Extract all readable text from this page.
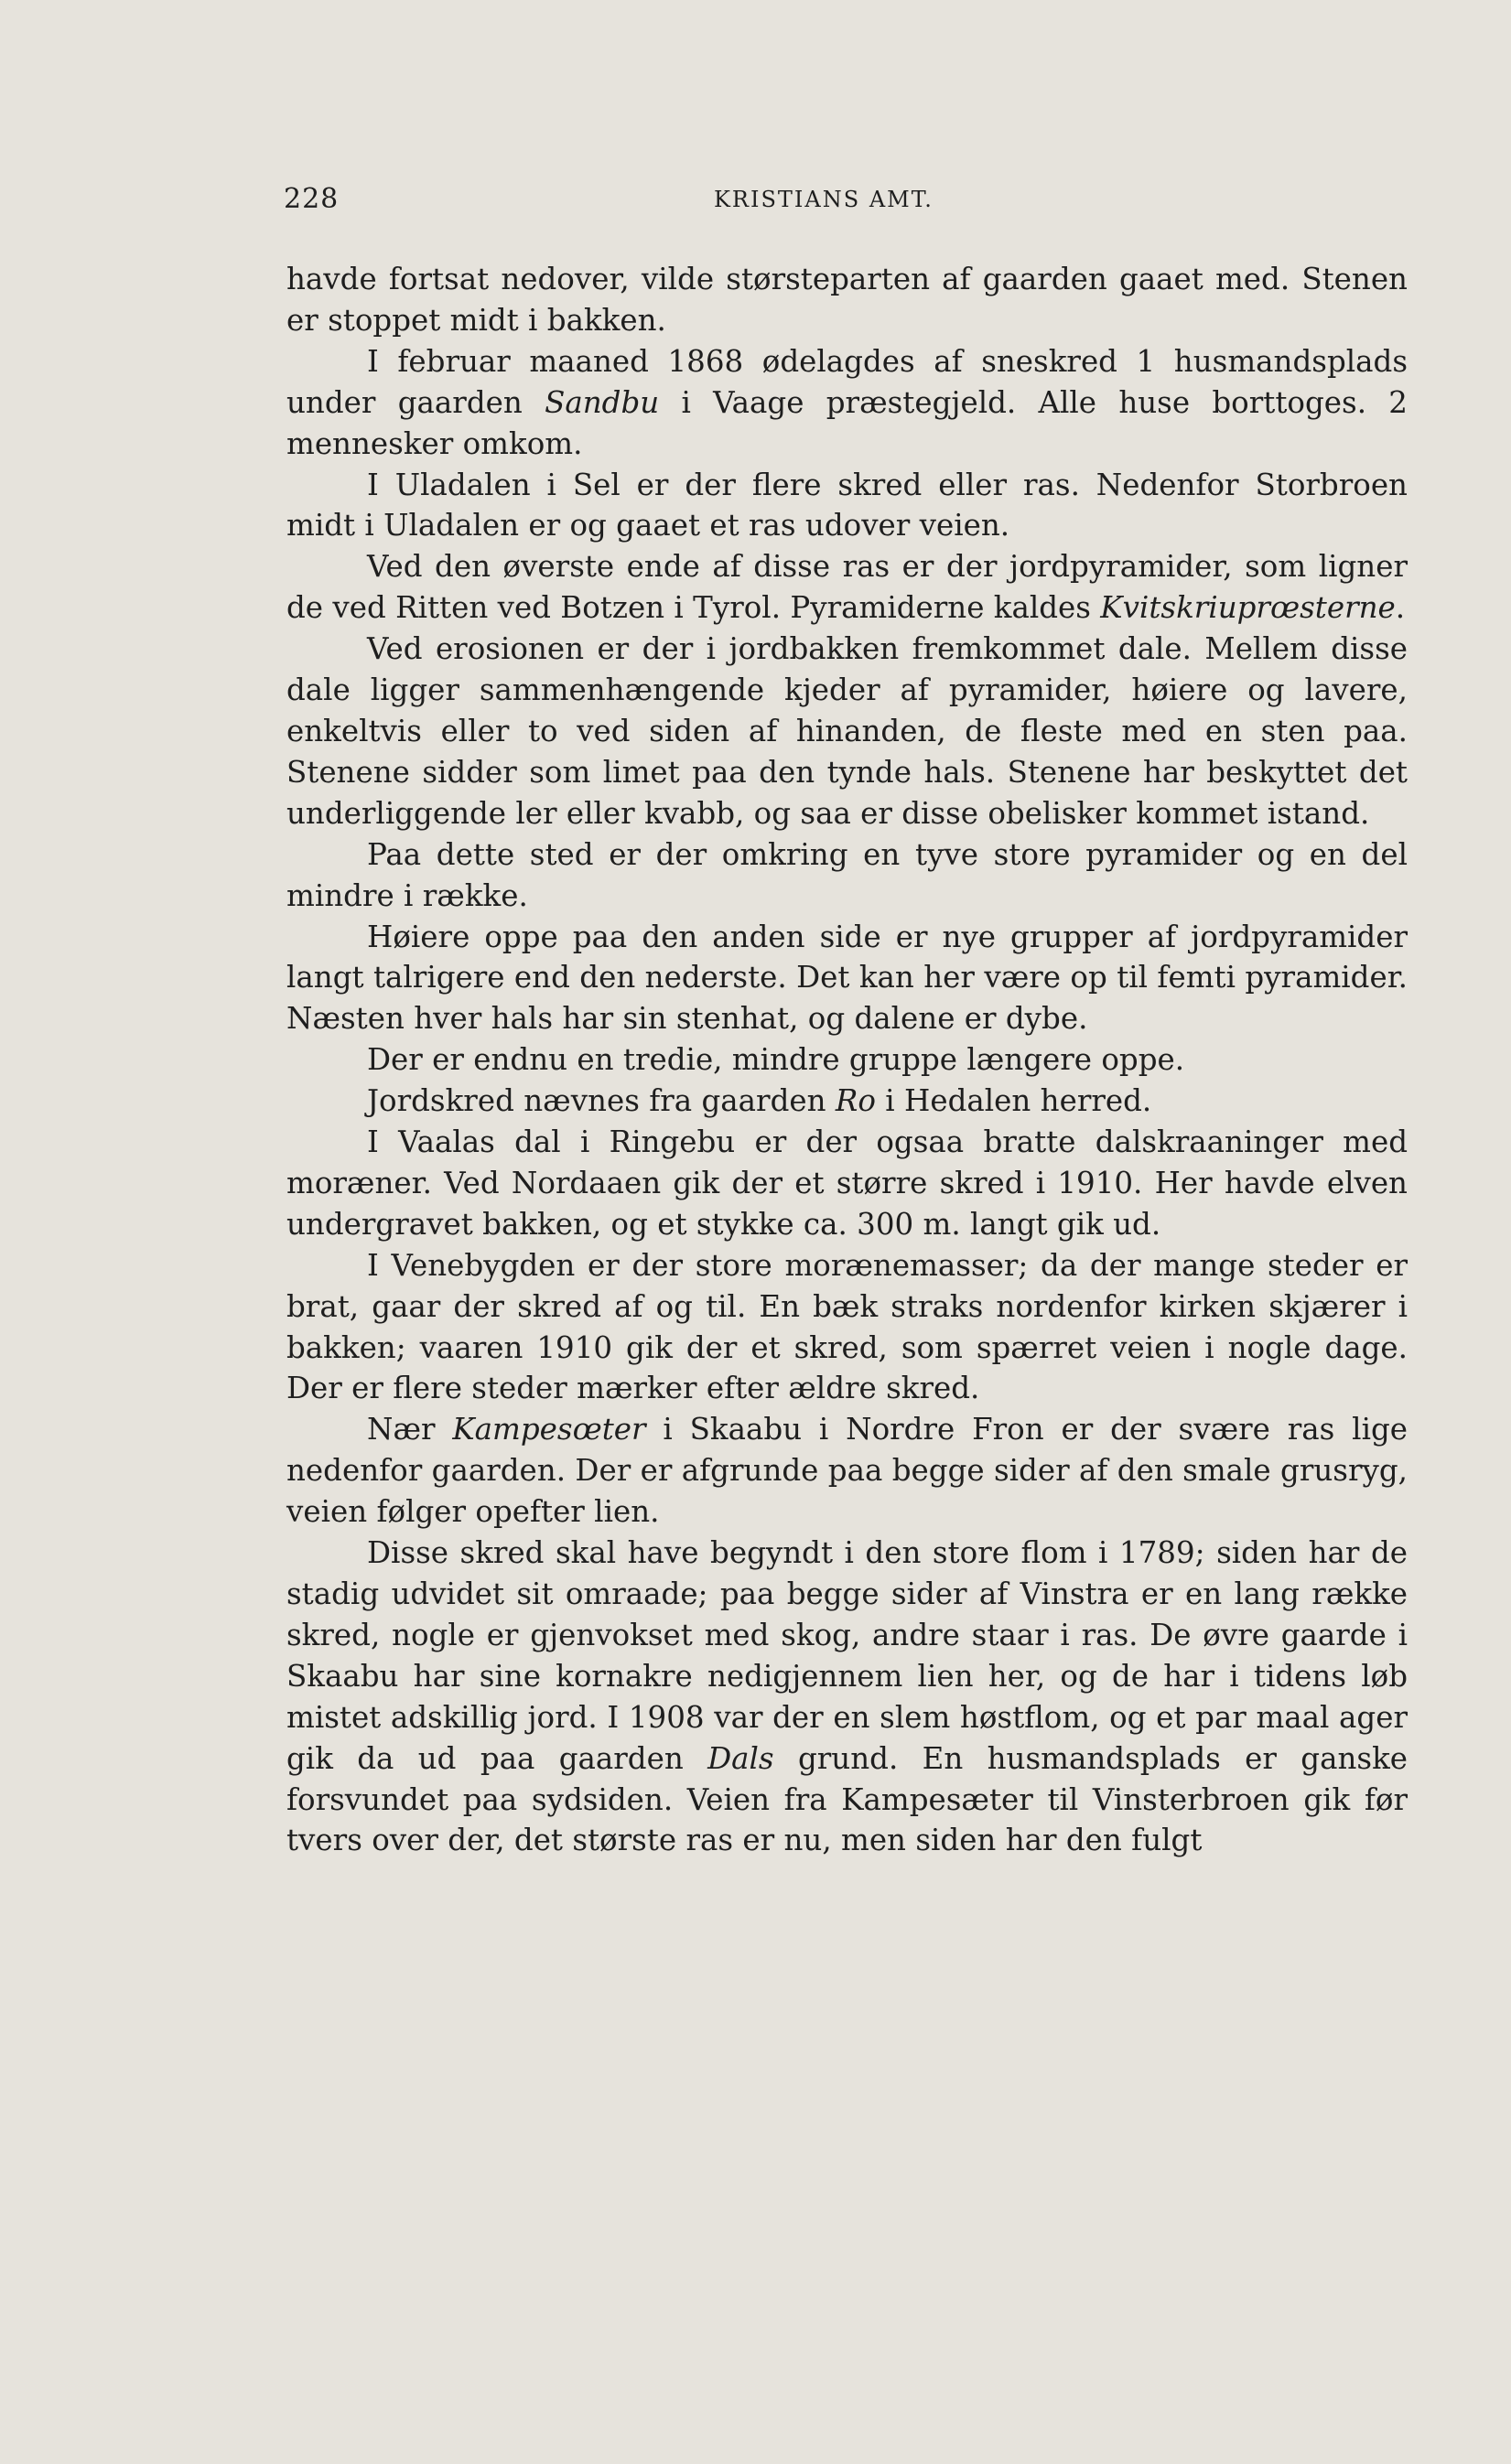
228	KRISTIANS AMT.

havde fortsat nedover, vilde størsteparten af gaarden gaaet med. Stenen er stoppet midt i bakken.

I februar maaned 1868 ødelagdes af sneskred 1 husmandsplads under gaarden Sandbu i Vaage præstegjeld. Alle huse borttoges. 2 mennesker omkom.

I Uladalen i Sel er der flere skred eller ras. Nedenfor Storbroen midt i Uladalen er og gaaet et ras udover veien.

Ved den øverste ende af disse ras er der jordpyramider, som ligner de ved Ritten ved Botzen i Tyrol. Pyramiderne kaldes Kvitskriuprœsterne.

Ved erosionen er der i jordbakken fremkommet dale. Mellem disse dale ligger sammenhængende kjeder af pyramider, høiere og lavere, enkeltvis eller to ved siden af hinanden, de fleste med en sten paa. Stenene sidder som limet paa den tynde hals. Stenene har beskyttet det underliggende ler eller kvabb, og saa er disse obelisker kommet istand.

Paa dette sted er der omkring en tyve store pyramider og en del mindre i række.

Høiere oppe paa den anden side er nye grupper af jordpyramider langt talrigere end den nederste. Det kan her være op til femti pyramider. Næsten hver hals har sin stenhat, og dalene er dybe.

Der er endnu en tredie, mindre gruppe længere oppe.

Jordskred nævnes fra gaarden Ro i Hedalen herred.

I Vaalas dal i Ringebu er der ogsaa bratte dalskraaninger med moræner. Ved Nordaaen gik der et større skred i 1910. Her havde elven undergravet bakken, og et stykke ca. 300 m. langt gik ud.

I Venebygden er der store morænemasser; da der mange steder er brat, gaar der skred af og til. En bæk straks nordenfor kirken skjærer i bakken; vaaren 1910 gik der et skred, som spærret veien i nogle dage. Der er flere steder mærker efter ældre skred.

Nær Kampesœter i Skaabu i Nordre Fron er der svære ras lige nedenfor gaarden. Der er afgrunde paa begge sider af den smale grusryg, veien følger opefter lien.

Disse skred skal have begyndt i den store flom i 1789; siden har de stadig udvidet sit omraade; paa begge sider af Vinstra er en lang række skred, nogle er gjenvokset med skog, andre staar i ras. De øvre gaarde i Skaabu har sine kornakre nedigjennem lien her, og de har i tidens løb mistet adskillig jord. I 1908 var der en slem høstflom, og et par maal ager gik da ud paa gaarden Dals grund. En husmandsplads er ganske forsvundet paa sydsiden. Veien fra Kampesæter til Vinsterbroen gik før tvers over der, det største ras er nu, men siden har den fulgt
